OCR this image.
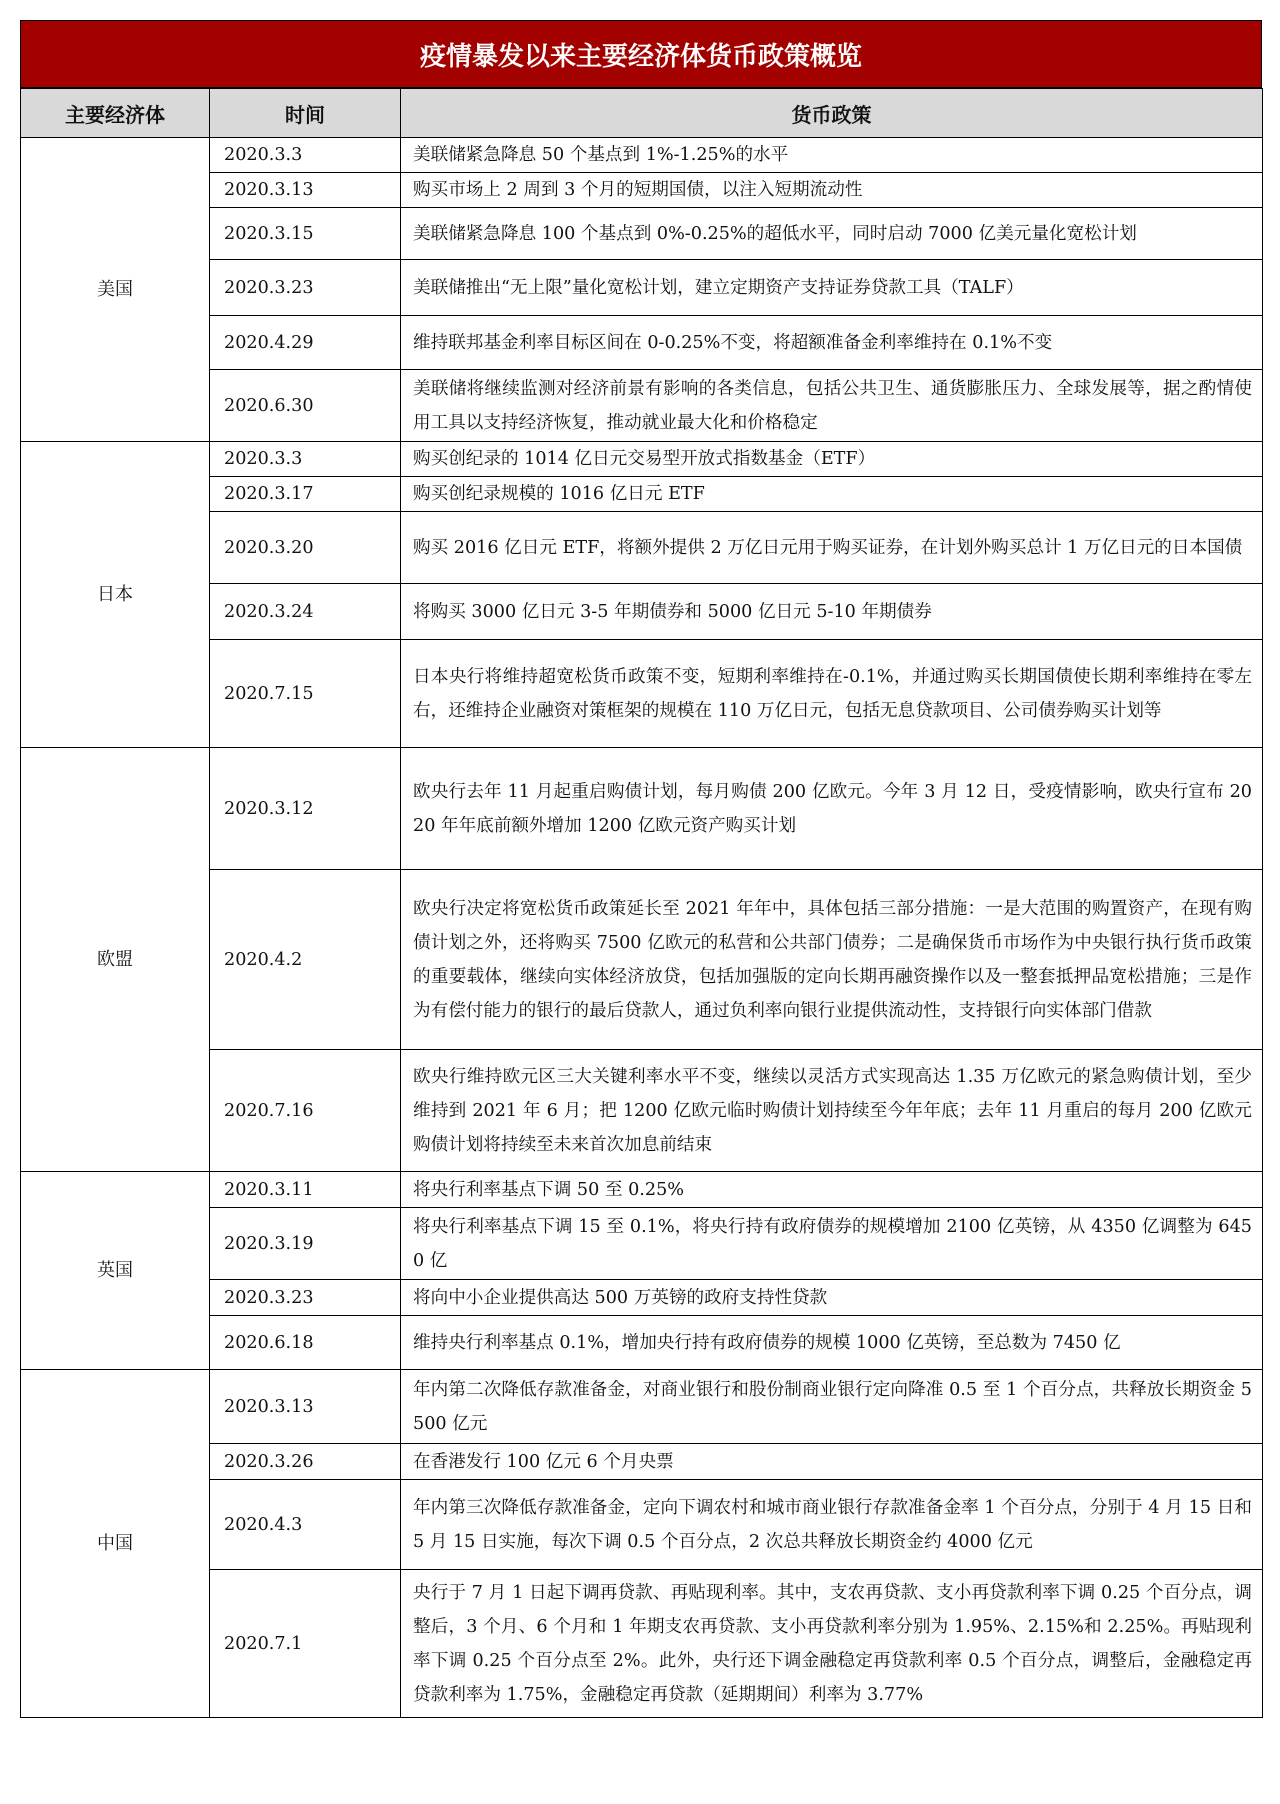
疫情暴发以来主要经济体货币政策概览
主要经济体	时间	货币政策
美国	2020.3.3	美联储紧急降息 50 个基点到 1%-1.25%的水平
	2020.3.13	购买市场上 2 周到 3 个月的短期国债，以注入短期流动性
	2020.3.15	美联储紧急降息 100 个基点到 0%-0.25%的超低水平，同时启动 7000 亿美元量化宽松计划
	2020.3.23	美联储推出“无上限”量化宽松计划，建立定期资产支持证券贷款工具（TALF）
	2020.4.29	维持联邦基金利率目标区间在 0-0.25%不变，将超额准备金利率维持在 0.1%不变
	2020.6.30	美联储将继续监测对经济前景有影响的各类信息，包括公共卫生、通货膨胀压力、全球发展等，据之酌情使用工具以支持经济恢复，推动就业最大化和价格稳定
日本	2020.3.3	购买创纪录的 1014 亿日元交易型开放式指数基金（ETF）
	2020.3.17	购买创纪录规模的 1016 亿日元 ETF
	2020.3.20	购买 2016 亿日元 ETF，将额外提供 2 万亿日元用于购买证券，在计划外购买总计 1 万亿日元的日本国债
	2020.3.24	将购买 3000 亿日元 3-5 年期债券和 5000 亿日元 5-10 年期债券
	2020.7.15	日本央行将维持超宽松货币政策不变，短期利率维持在-0.1%，并通过购买长期国债使长期利率维持在零左右，还维持企业融资对策框架的规模在 110 万亿日元，包括无息贷款项目、公司债券购买计划等
欧盟	2020.3.12	欧央行去年 11 月起重启购债计划，每月购债 200 亿欧元。今年 3 月 12 日，受疫情影响，欧央行宣布 2020 年年底前额外增加 1200 亿欧元资产购买计划
	2020.4.2	欧央行决定将宽松货币政策延长至 2021 年年中，具体包括三部分措施：一是大范围的购置资产，在现有购债计划之外，还将购买 7500 亿欧元的私营和公共部门债券；二是确保货币市场作为中央银行执行货币政策的重要载体，继续向实体经济放贷，包括加强版的定向长期再融资操作以及一整套抵押品宽松措施；三是作为有偿付能力的银行的最后贷款人，通过负利率向银行业提供流动性，支持银行向实体部门借款
	2020.7.16	欧央行维持欧元区三大关键利率水平不变，继续以灵活方式实现高达 1.35 万亿欧元的紧急购债计划，至少维持到 2021 年 6 月；把 1200 亿欧元临时购债计划持续至今年年底；去年 11 月重启的每月 200 亿欧元购债计划将持续至未来首次加息前结束
英国	2020.3.11	将央行利率基点下调 50 至 0.25%
	2020.3.19	将央行利率基点下调 15 至 0.1%，将央行持有政府债券的规模增加 2100 亿英镑，从 4350 亿调整为 6450 亿
	2020.3.23	将向中小企业提供高达 500 万英镑的政府支持性贷款
	2020.6.18	维持央行利率基点 0.1%，增加央行持有政府债券的规模 1000 亿英镑，至总数为 7450 亿
中国	2020.3.13	年内第二次降低存款准备金，对商业银行和股份制商业银行定向降准 0.5 至 1 个百分点，共释放长期资金 5500 亿元
	2020.3.26	在香港发行 100 亿元 6 个月央票
	2020.4.3	年内第三次降低存款准备金，定向下调农村和城市商业银行存款准备金率 1 个百分点，分别于 4 月 15 日和 5 月 15 日实施，每次下调 0.5 个百分点，2 次总共释放长期资金约 4000 亿元
	2020.7.1	央行于 7 月 1 日起下调再贷款、再贴现利率。其中，支农再贷款、支小再贷款利率下调 0.25 个百分点，调整后，3 个月、6 个月和 1 年期支农再贷款、支小再贷款利率分别为 1.95%、2.15%和 2.25%。再贴现利率下调 0.25 个百分点至 2%。此外，央行还下调金融稳定再贷款利率 0.5 个百分点，调整后，金融稳定再贷款利率为 1.75%，金融稳定再贷款（延期期间）利率为 3.77%
